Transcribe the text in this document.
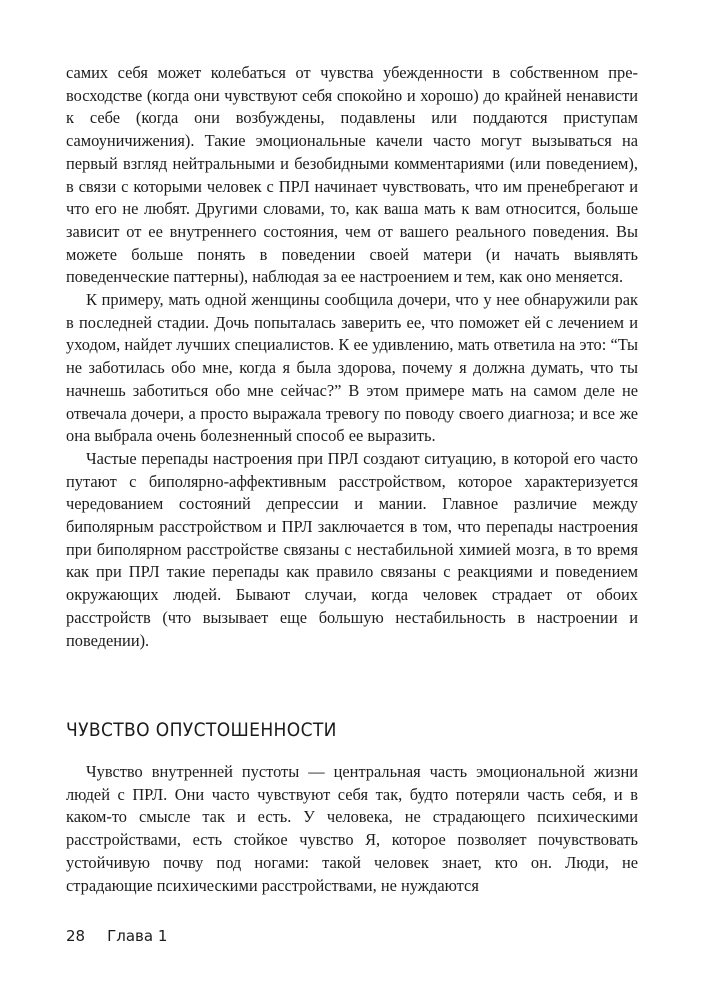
самих себя может колебаться от чувства убежденности в собственном превосходстве (когда они чувствуют себя спокойно и хорошо) до крайней ненависти к себе (когда они возбуждены, подавлены или поддаются приступам самоуничижения). Такие эмоциональные качели часто могут вызываться на первый взгляд нейтральными и безобидными комментариями (или поведением), в связи с которыми человек с ПРЛ начинает чувствовать, что им пренебрегают и что его не любят. Другими словами, то, как ваша мать к вам относится, больше зависит от ее внутреннего состояния, чем от вашего реального поведения. Вы можете больше понять в поведении своей матери (и начать выявлять поведенческие паттерны), наблюдая за ее настроением и тем, как оно меняется.

К примеру, мать одной женщины сообщила дочери, что у нее обнаружили рак в последней стадии. Дочь попыталась заверить ее, что поможет ей с лечением и уходом, найдет лучших специалистов. К ее удивлению, мать ответила на это: “Ты не заботилась обо мне, когда я была здорова, почему я должна думать, что ты начнешь заботиться обо мне сейчас?” В этом примере мать на самом деле не отвечала дочери, а просто выражала тревогу по поводу своего диагноза; и все же она выбрала очень болезненный способ ее выразить.

Частые перепады настроения при ПРЛ создают ситуацию, в которой его часто путают с биполярно-аффективным расстройством, которое характеризуется чередованием состояний депрессии и мании. Главное различие между биполярным расстройством и ПРЛ заключается в том, что перепады настроения при биполярном расстройстве связаны с нестабильной химией мозга, в то время как при ПРЛ такие перепады как правило связаны с реакциями и поведением окружающих людей. Бывают случаи, когда человек страдает от обоих расстройств (что вызывает еще большую нестабильность в настроении и поведении).

ЧУВСТВО ОПУСТОШЕННОСТИ

Чувство внутренней пустоты — центральная часть эмоциональной жизни людей с ПРЛ. Они часто чувствуют себя так, будто потеряли часть себя, и в каком-то смысле так и есть. У человека, не страдающего психическими расстройствами, есть стойкое чувство Я, которое позволяет почувствовать устойчивую почву под ногами: такой человек знает, кто он. Люди, не страдающие психическими расстройствами, не нуждаются

28 Глава 1
